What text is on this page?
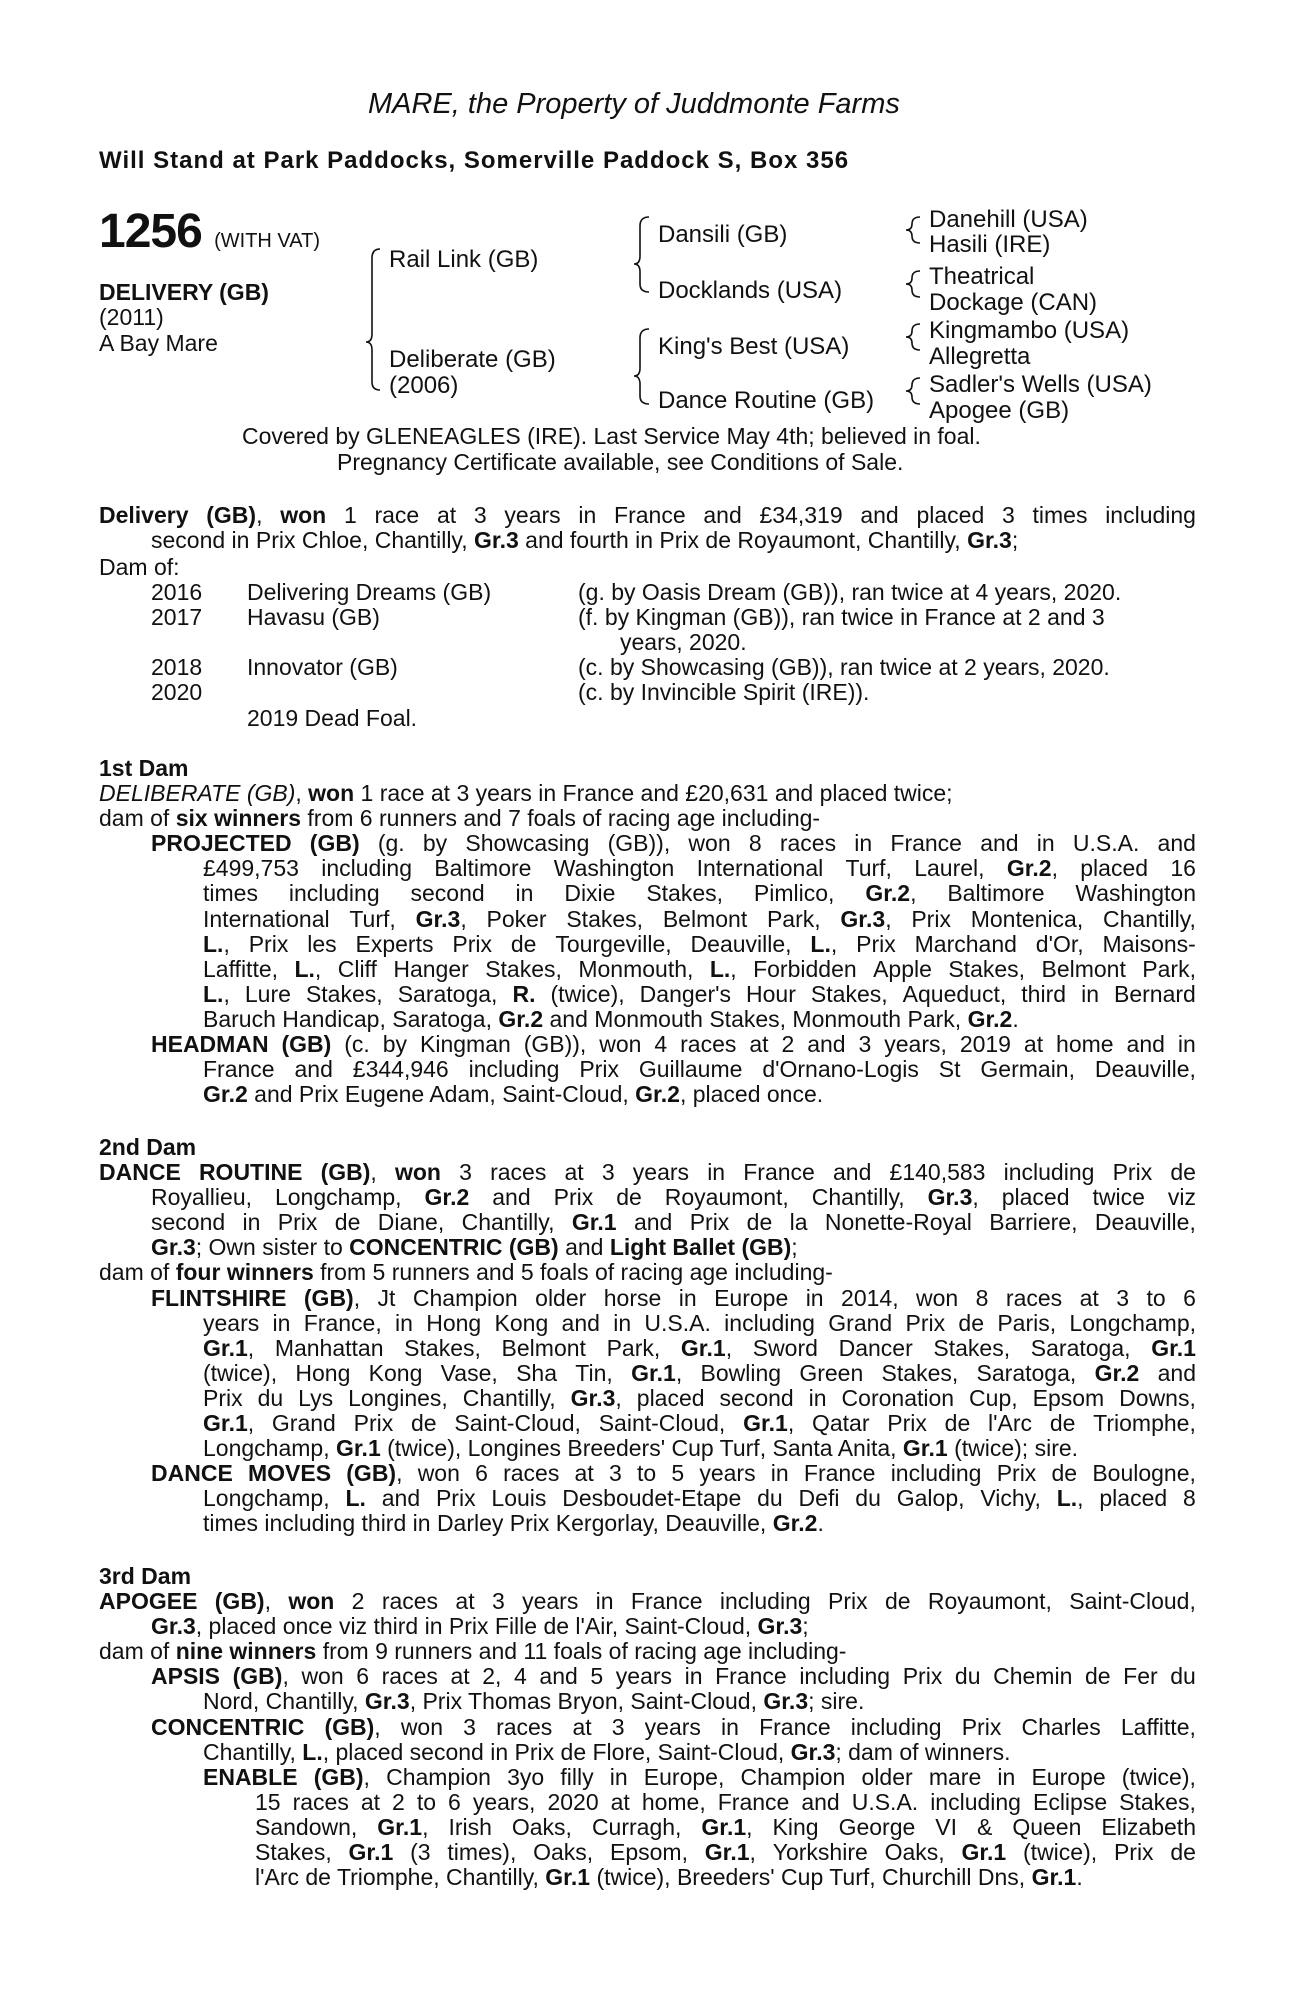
MARE, the Property of Juddmonte Farms
Will Stand at Park Paddocks, Somerville Paddock S, Box 356
1256 (WITH VAT)
DELIVERY (GB)
(2011)
A Bay Mare
Rail Link (GB)
Deliberate (GB)
(2006)
Dansili (GB)
Docklands (USA)
King's Best (USA)
Dance Routine (GB)
Danehill (USA)
Hasili (IRE)
Theatrical
Dockage (CAN)
Kingmambo (USA)
Allegretta
Sadler's Wells (USA)
Apogee (GB)
Covered by GLENEAGLES (IRE). Last Service May 4th; believed in foal.
Pregnancy Certificate available, see Conditions of Sale.
Delivery (GB), won 1 race at 3 years in France and £34,319 and placed 3 times including
second in Prix Chloe, Chantilly, Gr.3 and fourth in Prix de Royaumont, Chantilly, Gr.3;
Dam of:
2016 Delivering Dreams (GB)	(g. by Oasis Dream (GB)), ran twice at 4 years, 2020.
2017 Havasu (GB)	(f. by Kingman (GB)), ran twice in France at 2 and 3
years, 2020.
2018 Innovator (GB)	(c. by Showcasing (GB)), ran twice at 2 years, 2020.
2020	(c. by Invincible Spirit (IRE)).
2019 Dead Foal.
1st Dam
DELIBERATE (GB), won 1 race at 3 years in France and £20,631 and placed twice;
dam of six winners from 6 runners and 7 foals of racing age including-
PROJECTED (GB) (g. by Showcasing (GB)), won 8 races in France and in U.S.A. and
£499,753 including Baltimore Washington International Turf, Laurel, Gr.2, placed 16
times including second in Dixie Stakes, Pimlico, Gr.2, Baltimore Washington
International Turf, Gr.3, Poker Stakes, Belmont Park, Gr.3, Prix Montenica, Chantilly,
L., Prix les Experts Prix de Tourgeville, Deauville, L., Prix Marchand d'Or, Maisons-
Laffitte, L., Cliff Hanger Stakes, Monmouth, L., Forbidden Apple Stakes, Belmont Park,
L., Lure Stakes, Saratoga, R. (twice), Danger's Hour Stakes, Aqueduct, third in Bernard
Baruch Handicap, Saratoga, Gr.2 and Monmouth Stakes, Monmouth Park, Gr.2.
HEADMAN (GB) (c. by Kingman (GB)), won 4 races at 2 and 3 years, 2019 at home and in
France and £344,946 including Prix Guillaume d'Ornano-Logis St Germain, Deauville,
Gr.2 and Prix Eugene Adam, Saint-Cloud, Gr.2, placed once.
2nd Dam
DANCE ROUTINE (GB), won 3 races at 3 years in France and £140,583 including Prix de
Royallieu, Longchamp, Gr.2 and Prix de Royaumont, Chantilly, Gr.3, placed twice viz
second in Prix de Diane, Chantilly, Gr.1 and Prix de la Nonette-Royal Barriere, Deauville,
Gr.3; Own sister to CONCENTRIC (GB) and Light Ballet (GB);
dam of four winners from 5 runners and 5 foals of racing age including-
FLINTSHIRE (GB), Jt Champion older horse in Europe in 2014, won 8 races at 3 to 6
years in France, in Hong Kong and in U.S.A. including Grand Prix de Paris, Longchamp,
Gr.1, Manhattan Stakes, Belmont Park, Gr.1, Sword Dancer Stakes, Saratoga, Gr.1
(twice), Hong Kong Vase, Sha Tin, Gr.1, Bowling Green Stakes, Saratoga, Gr.2 and
Prix du Lys Longines, Chantilly, Gr.3, placed second in Coronation Cup, Epsom Downs,
Gr.1, Grand Prix de Saint-Cloud, Saint-Cloud, Gr.1, Qatar Prix de l'Arc de Triomphe,
Longchamp, Gr.1 (twice), Longines Breeders' Cup Turf, Santa Anita, Gr.1 (twice); sire.
DANCE MOVES (GB), won 6 races at 3 to 5 years in France including Prix de Boulogne,
Longchamp, L. and Prix Louis Desboudet-Etape du Defi du Galop, Vichy, L., placed 8
times including third in Darley Prix Kergorlay, Deauville, Gr.2.
3rd Dam
APOGEE (GB), won 2 races at 3 years in France including Prix de Royaumont, Saint-Cloud,
Gr.3, placed once viz third in Prix Fille de l'Air, Saint-Cloud, Gr.3;
dam of nine winners from 9 runners and 11 foals of racing age including-
APSIS (GB), won 6 races at 2, 4 and 5 years in France including Prix du Chemin de Fer du
Nord, Chantilly, Gr.3, Prix Thomas Bryon, Saint-Cloud, Gr.3; sire.
CONCENTRIC (GB), won 3 races at 3 years in France including Prix Charles Laffitte,
Chantilly, L., placed second in Prix de Flore, Saint-Cloud, Gr.3; dam of winners.
ENABLE (GB), Champion 3yo filly in Europe, Champion older mare in Europe (twice),
15 races at 2 to 6 years, 2020 at home, France and U.S.A. including Eclipse Stakes,
Sandown, Gr.1, Irish Oaks, Curragh, Gr.1, King George VI & Queen Elizabeth
Stakes, Gr.1 (3 times), Oaks, Epsom, Gr.1, Yorkshire Oaks, Gr.1 (twice), Prix de
l'Arc de Triomphe, Chantilly, Gr.1 (twice), Breeders' Cup Turf, Churchill Dns, Gr.1.
